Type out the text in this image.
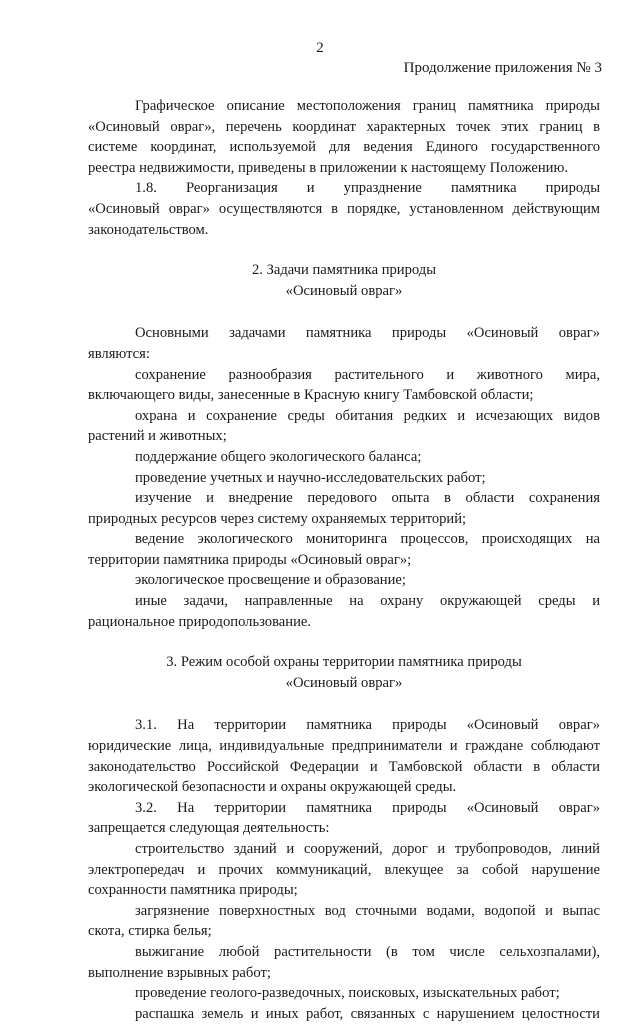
2
Продолжение приложения № 3

Графическое описание местоположения границ памятника природы

«Осиновый овраг», перечень координат характерных точек этих границ в

системе координат, используемой для ведения Единого государственного

реестра недвижимости, приведены в приложении к настоящему Положению.

1.8. Реорганизация и упразднение памятника природы

«Осиновый овраг» осуществляются в порядке, установленном действующим

законодательством.

2. Задачи памятника природы

«Осиновый овраг»

Основными задачами памятника природы «Осиновый овраг»

являются:

сохранение разнообразия растительного и животного мира,

включающего виды, занесенные в Красную книгу Тамбовской области;

охрана и сохранение среды обитания редких и исчезающих видов

растений и животных;

поддержание общего экологического баланса;

проведение учетных и научно-исследовательских работ;

изучение и внедрение передового опыта в области сохранения

природных ресурсов через систему охраняемых территорий;

ведение экологического мониторинга процессов, происходящих на

территории памятника природы «Осиновый овраг»;

экологическое просвещение и образование;

иные задачи, направленные на охрану окружающей среды и

рациональное природопользование.

3. Режим особой охраны территории памятника природы

«Осиновый овраг»

3.1. На территории памятника природы «Осиновый овраг»

юридические лица, индивидуальные предприниматели и граждане соблюдают

законодательство Российской Федерации и Тамбовской области в области

экологической безопасности и охраны окружающей среды.

3.2. На территории памятника природы «Осиновый овраг»

запрещается следующая деятельность:

строительство зданий и сооружений, дорог и трубопроводов, линий

электропередач и прочих коммуникаций, влекущее за собой нарушение

сохранности памятника природы;

загрязнение поверхностных вод сточными водами, водопой и выпас

скота, стирка белья;

выжигание любой растительности (в том числе сельхозпалами),

выполнение взрывных работ;

проведение геолого-разведочных, поисковых, изыскательных работ;

распашка земель и иных работ, связанных с нарушением целостности
